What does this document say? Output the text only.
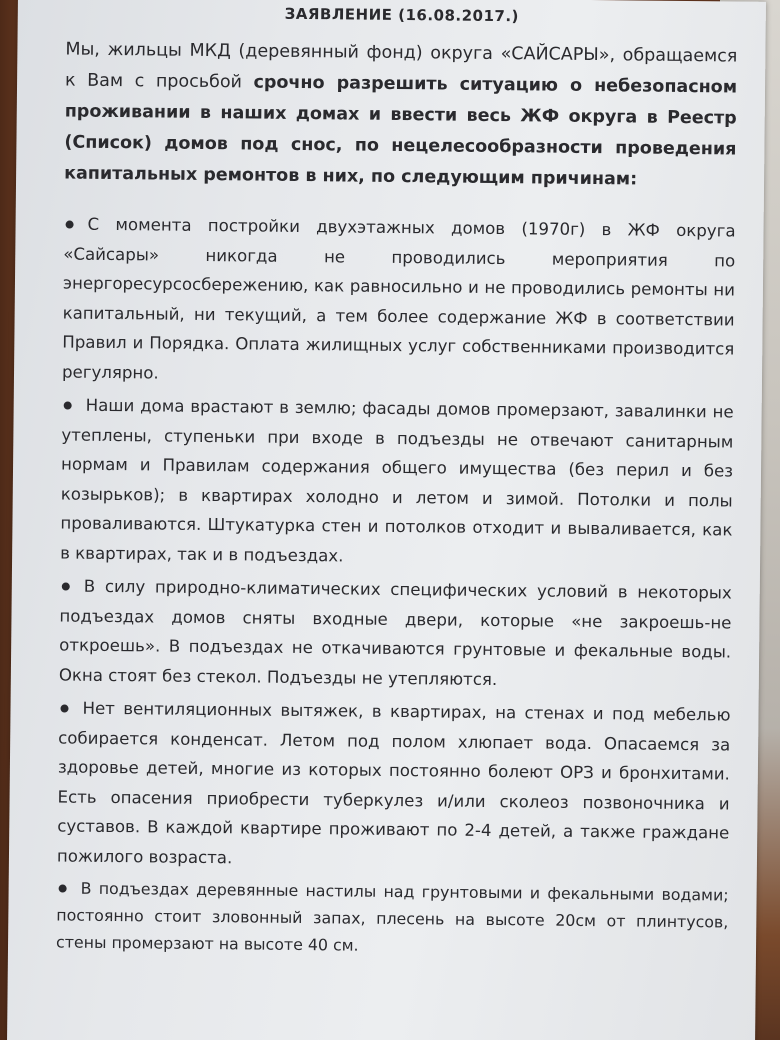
ЗАЯВЛЕНИЕ (16.08.2017.)

Мы, жильцы МКД (деревянный фонд) округа «САЙСАРЫ», обращаемся к Вам с просьбой срочно разрешить ситуацию о небезопасном проживании в наших домах и ввести весь ЖФ округа в Реестр (Список) домов под снос, по нецелесообразности проведения капитальных ремонтов в них, по следующим причинам:

С момента постройки двухэтажных домов (1970г) в ЖФ округа «Сайсары» никогда не проводились мероприятия по энергоресурсосбережению, как равносильно и не проводились ремонты ни капитальный, ни текущий, а тем более содержание ЖФ в соответствии Правил и Порядка. Оплата жилищных услуг собственниками производится регулярно.

Наши дома врастают в землю; фасады домов промерзают, завалинки не утеплены, ступеньки при входе в подъезды не отвечают санитарным нормам и Правилам содержания общего имущества (без перил и без козырьков); в квартирах холодно и летом и зимой. Потолки и полы проваливаются. Штукатурка стен и потолков отходит и вываливается, как в квартирах, так и в подъездах.

В силу природно-климатических специфических условий в некоторых подъездах домов сняты входные двери, которые «не закроешь-не откроешь». В подъездах не откачиваются грунтовые и фекальные воды. Окна стоят без стекол. Подъезды не утепляются.

Нет вентиляционных вытяжек, в квартирах, на стенах и под мебелью собирается конденсат. Летом под полом хлюпает вода. Опасаемся за здоровье детей, многие из которых постоянно болеют ОРЗ и бронхитами. Есть опасения приобрести туберкулез и/или сколеоз позвоночника и суставов. В каждой квартире проживают по 2-4 детей, а также граждане пожилого возраста.

В подъездах деревянные настилы над грунтовыми и фекальными водами; постоянно стоит зловонный запах, плесень на высоте 20см от плинтусов, стены промерзают на высоте 40 см.
